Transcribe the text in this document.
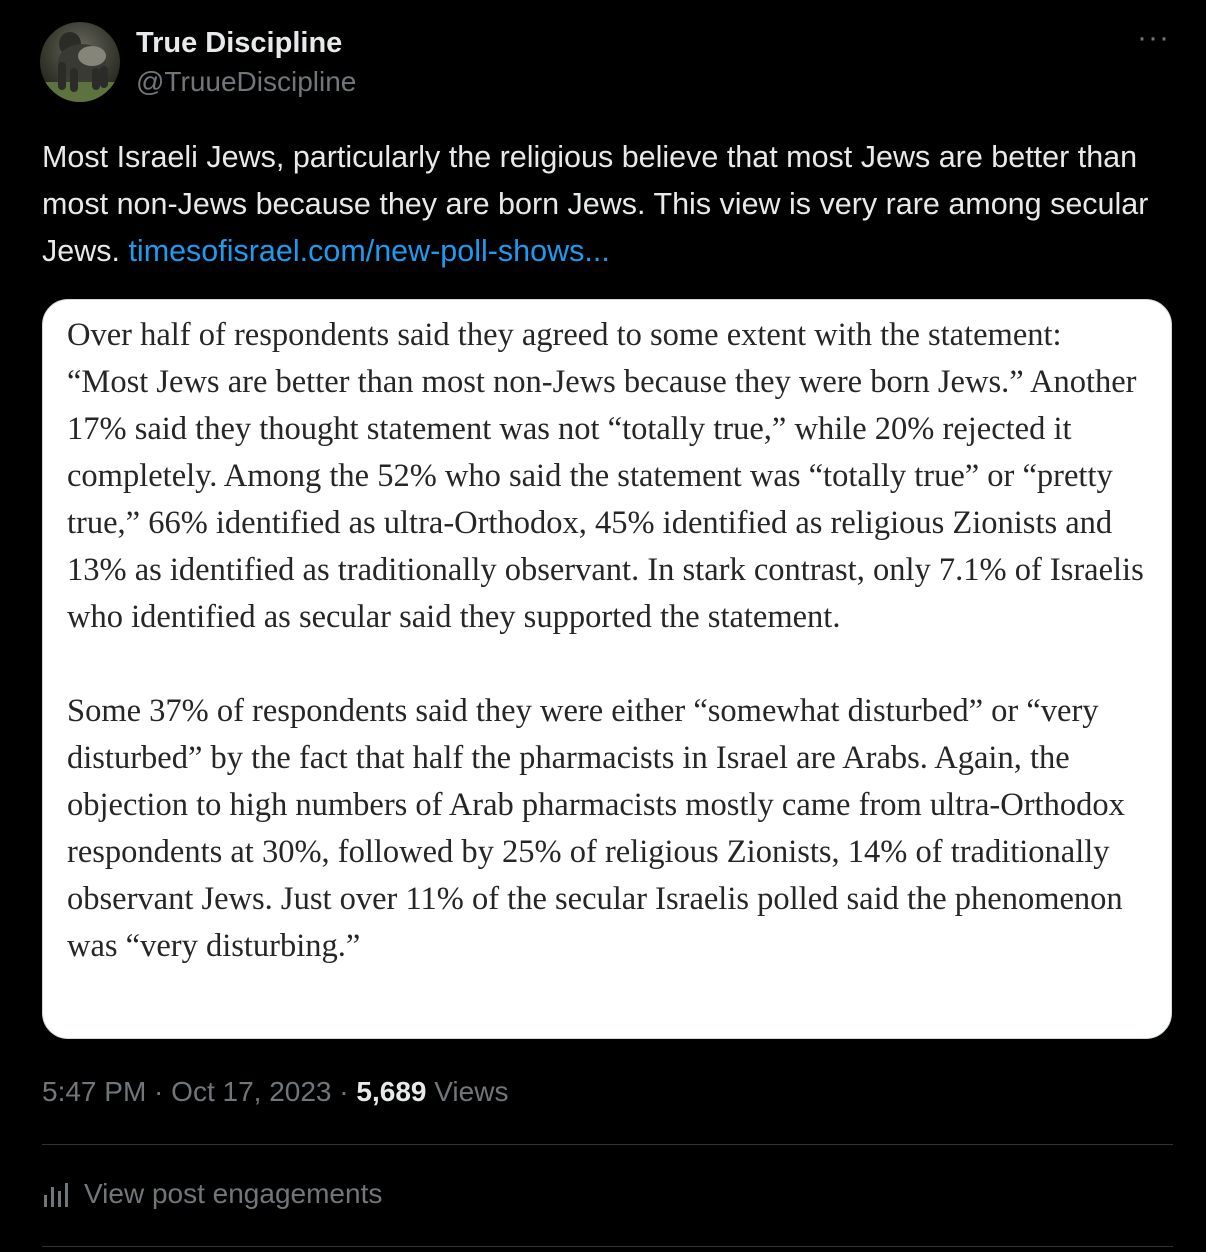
True Discipline
@TruueDiscipline
···
Most Israeli Jews, particularly the religious believe that most Jews are better than most non-Jews because they are born Jews. This view is very rare among secular Jews. timesofisrael.com/new-poll-shows...

Over half of respondents said they agreed to some extent with the statement: “Most Jews are better than most non-Jews because they were born Jews.” Another 17% said they thought statement was not “totally true,” while 20% rejected it completely. Among the 52% who said the statement was “totally true” or “pretty true,” 66% identified as ultra-Orthodox, 45% identified as religious Zionists and 13% as identified as traditionally observant. In stark contrast, only 7.1% of Israelis who identified as secular said they supported the statement.

Some 37% of respondents said they were either “somewhat disturbed” or “very disturbed” by the fact that half the pharmacists in Israel are Arabs. Again, the objection to high numbers of Arab pharmacists mostly came from ultra-Orthodox respondents at 30%, followed by 25% of religious Zionists, 14% of traditionally observant Jews. Just over 11% of the secular Israelis polled said the phenomenon was “very disturbing.”

5:47 PM · Oct 17, 2023 · 5,689 Views
View post engagements
